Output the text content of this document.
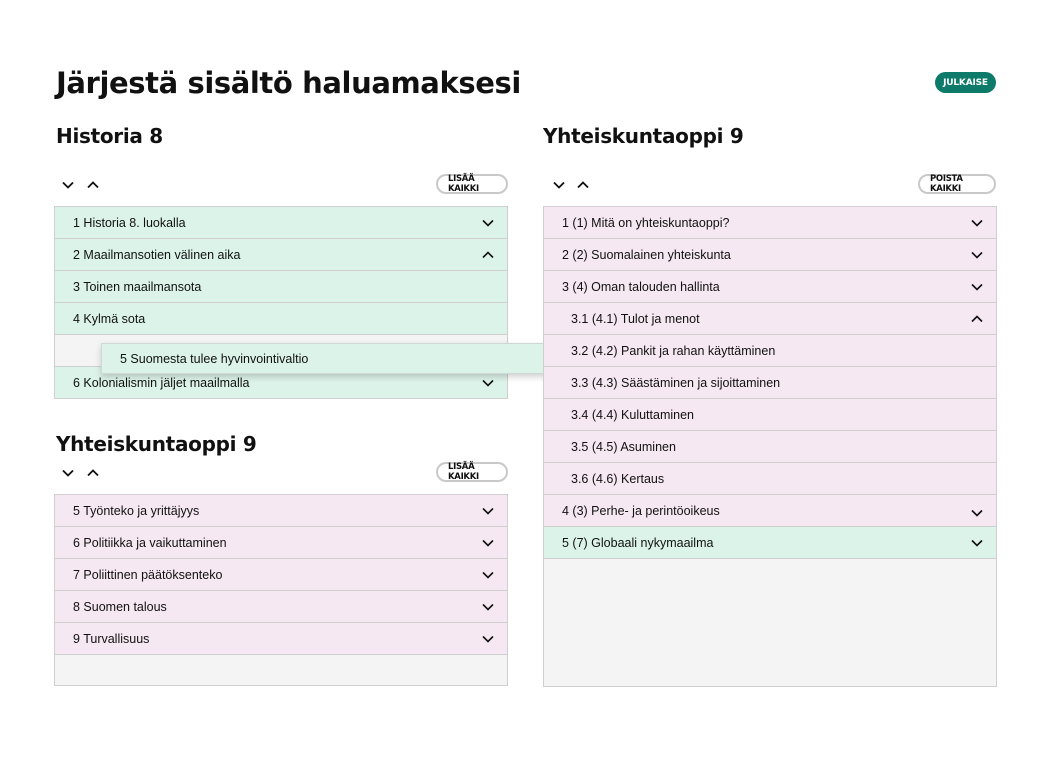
Järjestä sisältö haluamaksesi	JULKAISE
Historia 8
LISÄÄ KAIKKI
1 Historia 8. luokalla
2 Maailmansotien välinen aika
3 Toinen maailmansota
4 Kylmä sota
6 Kolonialismin jäljet maailmalla
5 Suomesta tulee hyvinvointivaltio
Yhteiskuntaoppi 9
LISÄÄ KAIKKI
5 Työnteko ja yrittäjyys
6 Politiikka ja vaikuttaminen
7 Poliittinen päätöksenteko
8 Suomen talous
9 Turvallisuus
Yhteiskuntaoppi 9
POISTA KAIKKI
1 (1) Mitä on yhteiskuntaoppi?
2 (2) Suomalainen yhteiskunta
3 (4) Oman talouden hallinta
3.1 (4.1) Tulot ja menot
3.2 (4.2) Pankit ja rahan käyttäminen
3.3 (4.3) Säästäminen ja sijoittaminen
3.4 (4.4) Kuluttaminen
3.5 (4.5) Asuminen
3.6 (4.6) Kertaus
4 (3) Perhe- ja perintöoikeus
5 (7) Globaali nykymaailma
